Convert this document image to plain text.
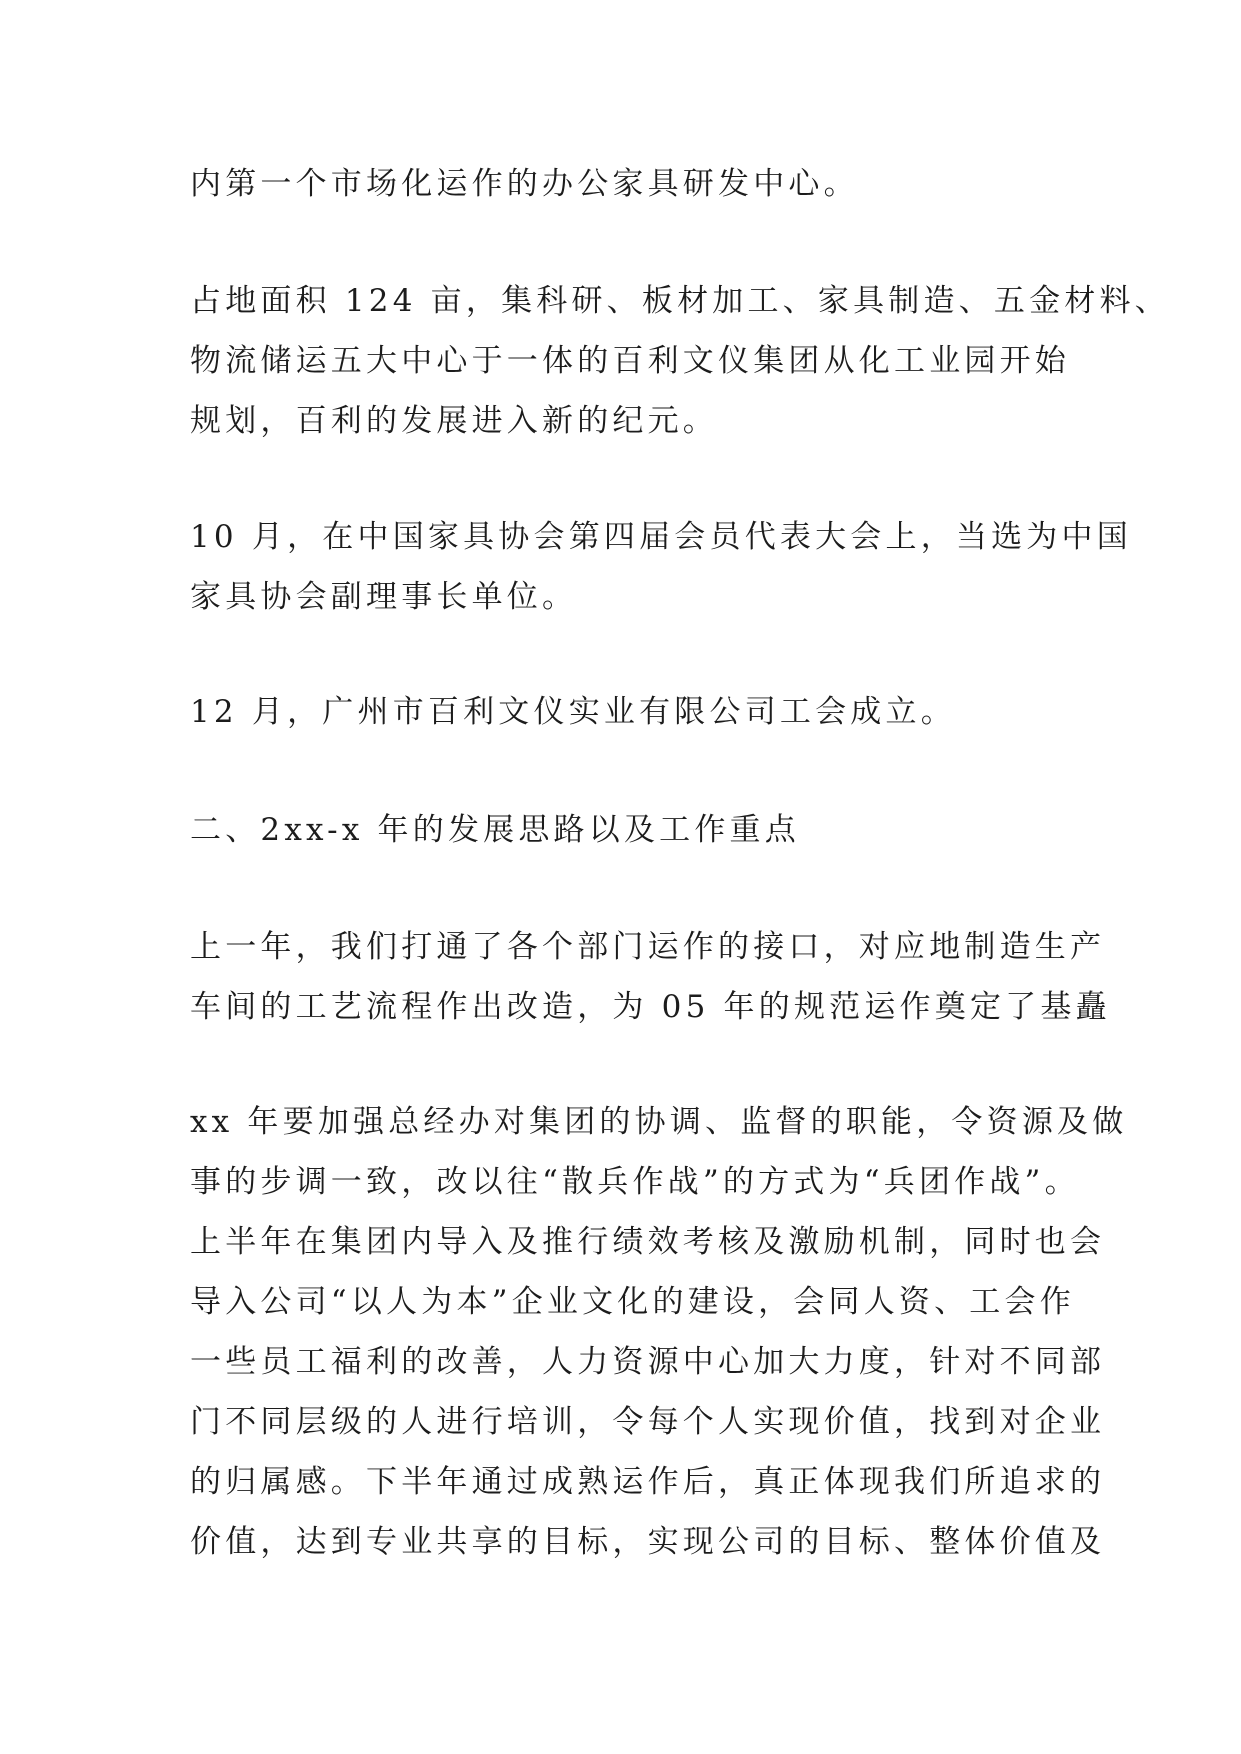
内第一个市场化运作的办公家具研发中心。
占地面积 124 亩，集科研、板材加工、家具制造、五金材料、
物流储运五大中心于一体的百利文仪集团从化工业园开始
规划，百利的发展进入新的纪元。
10 月，在中国家具协会第四届会员代表大会上，当选为中国
家具协会副理事长单位。
12 月，广州市百利文仪实业有限公司工会成立。
二、2xx-x 年的发展思路以及工作重点
上一年，我们打通了各个部门运作的接口，对应地制造生产
车间的工艺流程作出改造，为 05 年的规范运作奠定了基矗
xx 年要加强总经办对集团的协调、监督的职能，令资源及做
事的步调一致，改以往“散兵作战”的方式为“兵团作战”。
上半年在集团内导入及推行绩效考核及激励机制，同时也会
导入公司“以人为本”企业文化的建设，会同人资、工会作
一些员工福利的改善，人力资源中心加大力度，针对不同部
门不同层级的人进行培训，令每个人实现价值，找到对企业
的归属感。下半年通过成熟运作后，真正体现我们所追求的
价值，达到专业共享的目标，实现公司的目标、整体价值及
